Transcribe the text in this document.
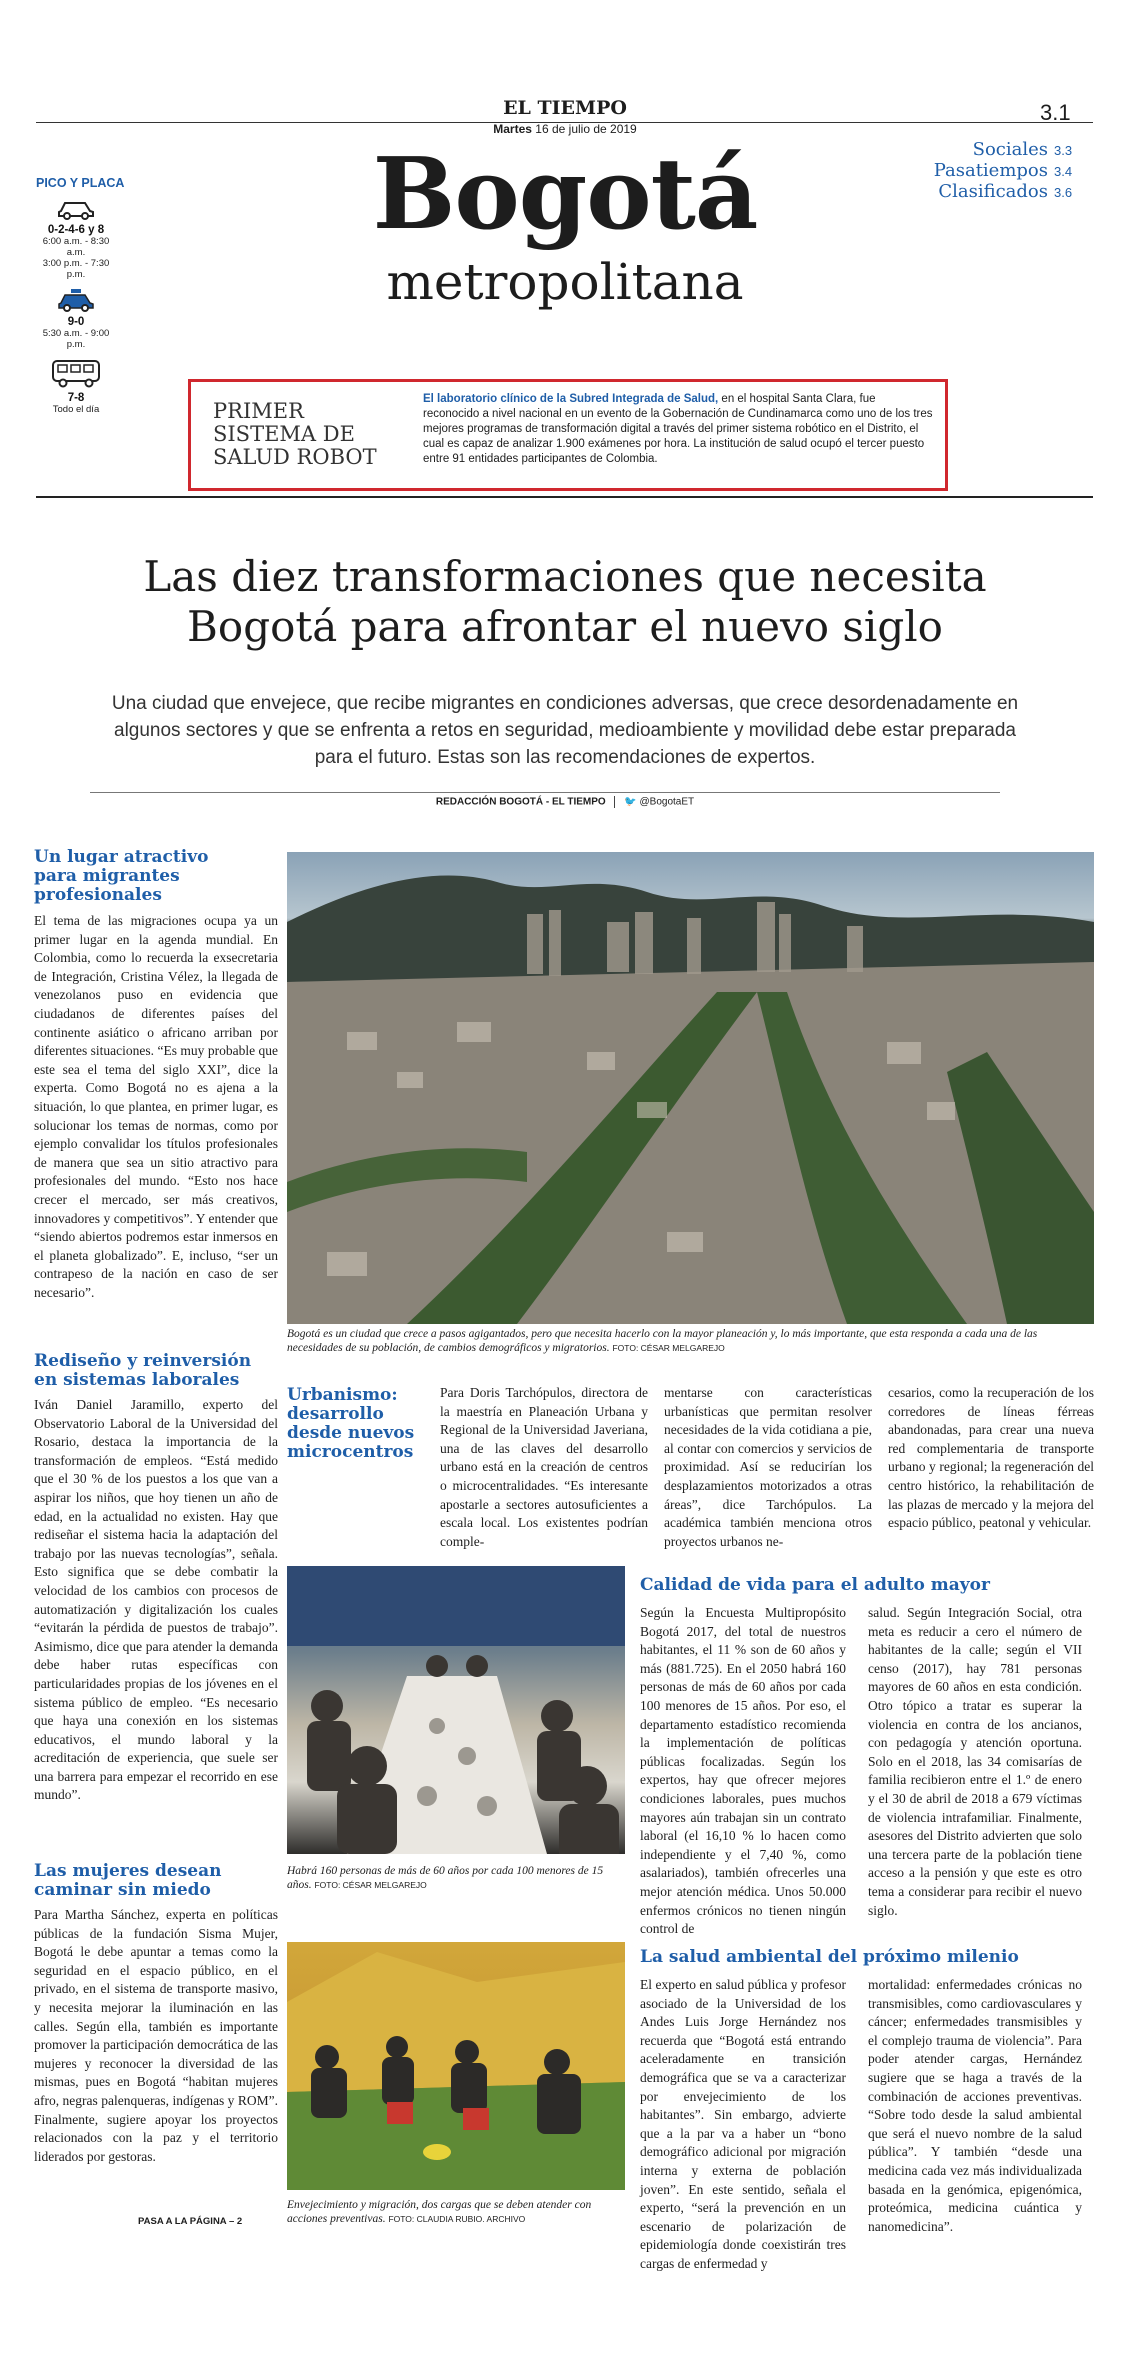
EL TIEMPO
Martes 16 de julio de 2019
3.1
Bogotá
metropolitana
Sociales 3.3
Pasatiempos 3.4
Clasificados 3.6
PICO Y PLACA
0-2-4-6 y 8
6:00 a.m. - 8:30 a.m.
3:00 p.m. - 7:30 p.m.
9-0
5:30 a.m. - 9:00 p.m.
7-8
Todo el día	PRIMER SISTEMA DE SALUD ROBOT
El laboratorio clínico de la Subred Integrada de Salud, en el hospital Santa Clara, fue reconocido a nivel nacional en un evento de la Gobernación de Cundinamarca como uno de los tres mejores programas de transformación digital a través del primer sistema robótico en el Distrito, el cual es capaz de analizar 1.900 exámenes por hora. La institución de salud ocupó el tercer puesto entre 91 entidades participantes de Colombia.
Las diez transformaciones que necesita
Bogotá para afrontar el nuevo siglo
Una ciudad que envejece, que recibe migrantes en condiciones adversas, que crece desordenadamente en algunos sectores y que se enfrenta a retos en seguridad, medioambiente y movilidad debe estar preparada para el futuro. Estas son las recomendaciones de expertos.
REDACCIÓN BOGOTÁ - EL TIEMPO 🐦 @BogotaET
Un lugar atractivo para migrantes profesionales
El tema de las migraciones ocupa ya un primer lugar en la agenda mundial. En Colombia, como lo recuerda la exsecretaria de Integración, Cristina Vélez, la llegada de venezolanos puso en evidencia que ciudadanos de diferentes países del continente asiático o africano arriban por diferentes situaciones. “Es muy probable que este sea el tema del siglo XXI”, dice la experta. Como Bogotá no es ajena a la situación, lo que plantea, en primer lugar, es solucionar los temas de normas, como por ejemplo convalidar los títulos profesionales de manera que sea un sitio atractivo para profesionales del mundo. “Esto nos hace crecer el mercado, ser más creativos, innovadores y competitivos”. Y entender que “siendo abiertos podremos estar inmersos en el planeta globalizado”. E, incluso, “ser un contrapeso de la nación en caso de ser necesario”.
Rediseño y reinversión en sistemas laborales
Iván Daniel Jaramillo, experto del Observatorio Laboral de la Universidad del Rosario, destaca la importancia de la transformación de empleos. “Está medido que el 30 % de los puestos a los que van a aspirar los niños, que hoy tienen un año de edad, en la actualidad no existen. Hay que rediseñar el sistema hacia la adaptación del trabajo por las nuevas tecnologías”, señala. Esto significa que se debe combatir la velocidad de los cambios con procesos de automatización y digitalización los cuales “evitarán la pérdida de puestos de trabajo”. Asimismo, dice que para atender la demanda debe haber rutas específicas con particularidades propias de los jóvenes en el sistema público de empleo. “Es necesario que haya una conexión en los sistemas educativos, el mundo laboral y la acreditación de experiencia, que suele ser una barrera para empezar el recorrido en ese mundo”.
Las mujeres desean caminar sin miedo
Para Martha Sánchez, experta en políticas públicas de la fundación Sisma Mujer, Bogotá le debe apuntar a temas como la seguridad en el espacio público, en el privado, en el sistema de transporte masivo, y necesita mejorar la iluminación en las calles. Según ella, también es importante promover la participación democrática de las mujeres y reconocer la diversidad de las mismas, pues en Bogotá “habitan mujeres afro, negras palenqueras, indígenas y ROM”. Finalmente, sugiere apoyar los proyectos relacionados con la paz y el territorio liderados por gestoras.
PASA A LA PÁGINA – 2
Bogotá es un ciudad que crece a pasos agigantados, pero que necesita hacerlo con la mayor planeación y, lo más importante, que esta responda a cada una de las necesidades de su población, de cambios demográficos y migratorios. FOTO: CÉSAR MELGAREJO
Urbanismo: desarrollo desde nuevos microcentros
Para Doris Tarchópulos, directora de la maestría en Planeación Urbana y Regional de la Universidad Javeriana, una de las claves del desarrollo urbano está en la creación de centros o microcentralidades. “Es interesante apostarle a sectores autosuficientes a escala local. Los existentes podrían comple-
mentarse con características urbanísticas que permitan resolver necesidades de la vida cotidiana a pie, al contar con comercios y servicios de proximidad. Así se reducirían los desplazamientos motorizados a otras áreas”, dice Tarchópulos. La académica también menciona otros proyectos urbanos ne-
cesarios, como la recuperación de los corredores de líneas férreas abandonadas, para crear una nueva red complementaria de transporte urbano y regional; la regeneración del centro histórico, la rehabilitación de las plazas de mercado y la mejora del espacio público, peatonal y vehicular.
Habrá 160 personas de más de 60 años por cada 100 menores de 15 años. FOTO: CÉSAR MELGAREJO
Calidad de vida para el adulto mayor
Según la Encuesta Multipropósito Bogotá 2017, del total de nuestros habitantes, el 11 % son de 60 años y más (881.725). En el 2050 habrá 160 personas de más de 60 años por cada 100 menores de 15 años. Por eso, el departamento estadístico recomienda la implementación de políticas públicas focalizadas. Según los expertos, hay que ofrecer mejores condiciones laborales, pues muchos mayores aún trabajan sin un contrato laboral (el 16,10 % lo hacen como independiente y el 7,40 %, como asalariados), también ofrecerles una mejor atención médica. Unos 50.000 enfermos crónicos no tienen ningún control de
salud. Según Integración Social, otra meta es reducir a cero el número de habitantes de la calle; según el VII censo (2017), hay 781 personas mayores de 60 años en esta condición. Otro tópico a tratar es superar la violencia en contra de los ancianos, con pedagogía y atención oportuna. Solo en el 2018, las 34 comisarías de familia recibieron entre el 1.º de enero y el 30 de abril de 2018 a 679 víctimas de violencia intrafamiliar. Finalmente, asesores del Distrito advierten que solo una tercera parte de la población tiene acceso a la pensión y que este es otro tema a considerar para recibir el nuevo siglo.
Envejecimiento y migración, dos cargas que se deben atender con acciones preventivas. FOTO: CLAUDIA RUBIO. ARCHIVO
La salud ambiental del próximo milenio
El experto en salud pública y profesor asociado de la Universidad de los Andes Luis Jorge Hernández nos recuerda que “Bogotá está entrando aceleradamente en transición demográfica que se va a caracterizar por envejecimiento de los habitantes”. Sin embargo, advierte que a la par va a haber un “bono demográfico adicional por migración interna y externa de población joven”. En este sentido, señala el experto, “será la prevención en un escenario de polarización de epidemiología donde coexistirán tres cargas de enfermedad y
mortalidad: enfermedades crónicas no transmisibles, como cardiovasculares y cáncer; enfermedades transmisibles y el complejo trauma de violencia”. Para poder atender cargas, Hernández sugiere que se haga a través de la combinación de acciones preventivas. “Sobre todo desde la salud ambiental que será el nuevo nombre de la salud pública”. Y también “desde una medicina cada vez más individualizada basada en la genómica, epigenómica, proteómica, medicina cuántica y nanomedicina”.
